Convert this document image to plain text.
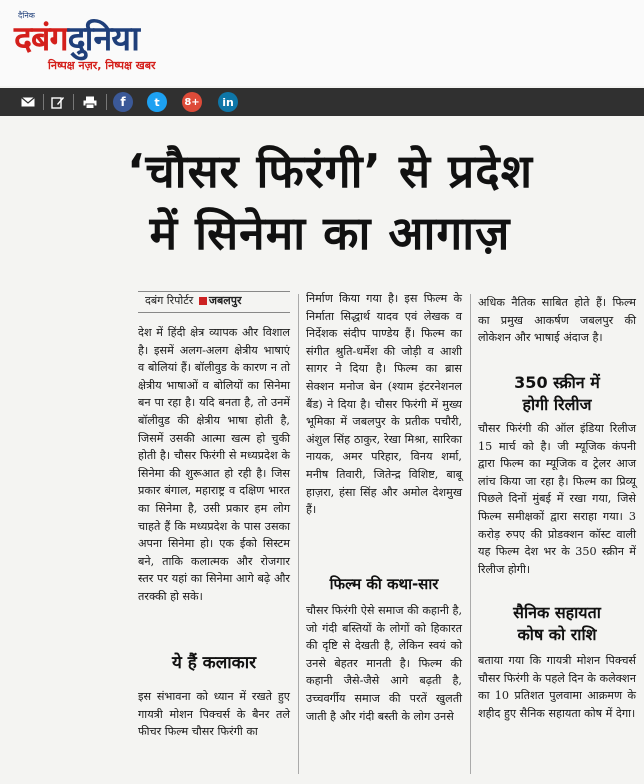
दैनिक
दबंगदुनिया
निष्पक्ष नज़र, निष्पक्ष खबर
f	t	8+	in
‘चौसर फिरंगी’ से प्रदेश
में सिनेमा का आगाज़
दबंग रिपोर्टर जबलपुर
देश में हिंदी क्षेत्र व्यापक और विशाल है। इसमें अलग-अलग क्षेत्रीय भाषाएं व बोलियां हैं। बॉलीवुड के कारण न तो क्षेत्रीय भाषाओं व बोलियों का सिनेमा बन पा रहा है। यदि बनता है, तो उनमें बॉलीवुड की क्षेत्रीय भाषा होती है, जिसमें उसकी आत्मा खत्म हो चुकी होती है। चौसर फिरंगी से मध्यप्रदेश के सिनेमा की शुरूआत हो रही है। जिस प्रकार बंगाल, महाराष्ट्र व दक्षिण भारत का सिनेमा है, उसी प्रकार हम लोग चाहते हैं कि मध्यप्रदेश के पास उसका अपना सिनेमा हो। एक ईको सिस्टम बने, ताकि कलात्मक और रोजगार स्तर पर यहां का सिनेमा आगे बढ़े और तरक्की हो सके।
ये हैं कलाकार
इस संभावना को ध्यान में रखते हुए गायत्री मोशन पिक्चर्स के बैनर तले फीचर फिल्म चौसर फिरंगी का
निर्माण किया गया है। इस फिल्म के निर्माता सिद्धार्थ यादव एवं लेखक व निर्देशक संदीप पाण्डेय हैं। फिल्म का संगीत श्रुति-धर्मेश की जोड़ी व आशी सागर ने दिया है। फिल्म का ब्रास सेक्शन मनोज बेन (श्याम इंटरनेशनल बैंड) ने दिया है। चौसर फिरंगी में मुख्य भूमिका में जबलपुर के प्रतीक पचौरी, अंशुल सिंह ठाकुर, रेखा मिश्रा, सारिका नायक, अमर परिहार, विनय शर्मा, मनीष तिवारी, जितेन्द्र विशिष्ट, बाबू हाज़रा, हंसा सिंह और अमोल देशमुख हैं।
फिल्म की कथा-सार
चौसर फिरंगी ऐसे समाज की कहानी है, जो गंदी बस्तियों के लोगों को हिकारत की दृष्टि से देखती है, लेकिन स्वयं को उनसे बेहतर मानती है। फिल्म की कहानी जैसे-जैसे आगे बढ़ती है, उच्चवर्गीय समाज की परतें खुलती जाती है और गंदी बस्ती के लोग उनसे
अधिक नैतिक साबित होते हैं। फिल्म का प्रमुख आकर्षण जबलपुर की लोकेशन और भाषाई अंदाज है।
350 स्क्रीन में
होगी रिलीज
चौसर फिरंगी की ऑल इंडिया रिलीज 15 मार्च को है। जी म्यूजिक कंपनी द्वारा फिल्म का म्यूजिक व ट्रेलर आज लांच किया जा रहा है। फिल्म का प्रिव्यू पिछले दिनों मुंबई में रखा गया, जिसे फिल्म समीक्षकों द्वारा सराहा गया। 3 करोड़ रुपए की प्रोडक्शन कॉस्ट वाली यह फिल्म देश भर के 350 स्क्रीन में रिलीज होगी।
सैनिक सहायता
कोष को राशि
बताया गया कि गायत्री मोशन पिक्चर्स चौसर फिरंगी के पहले दिन के कलेक्शन का 10 प्रतिशत पुलवामा आक्रमण के शहीद हुए सैनिक सहायता कोष में देगा।
